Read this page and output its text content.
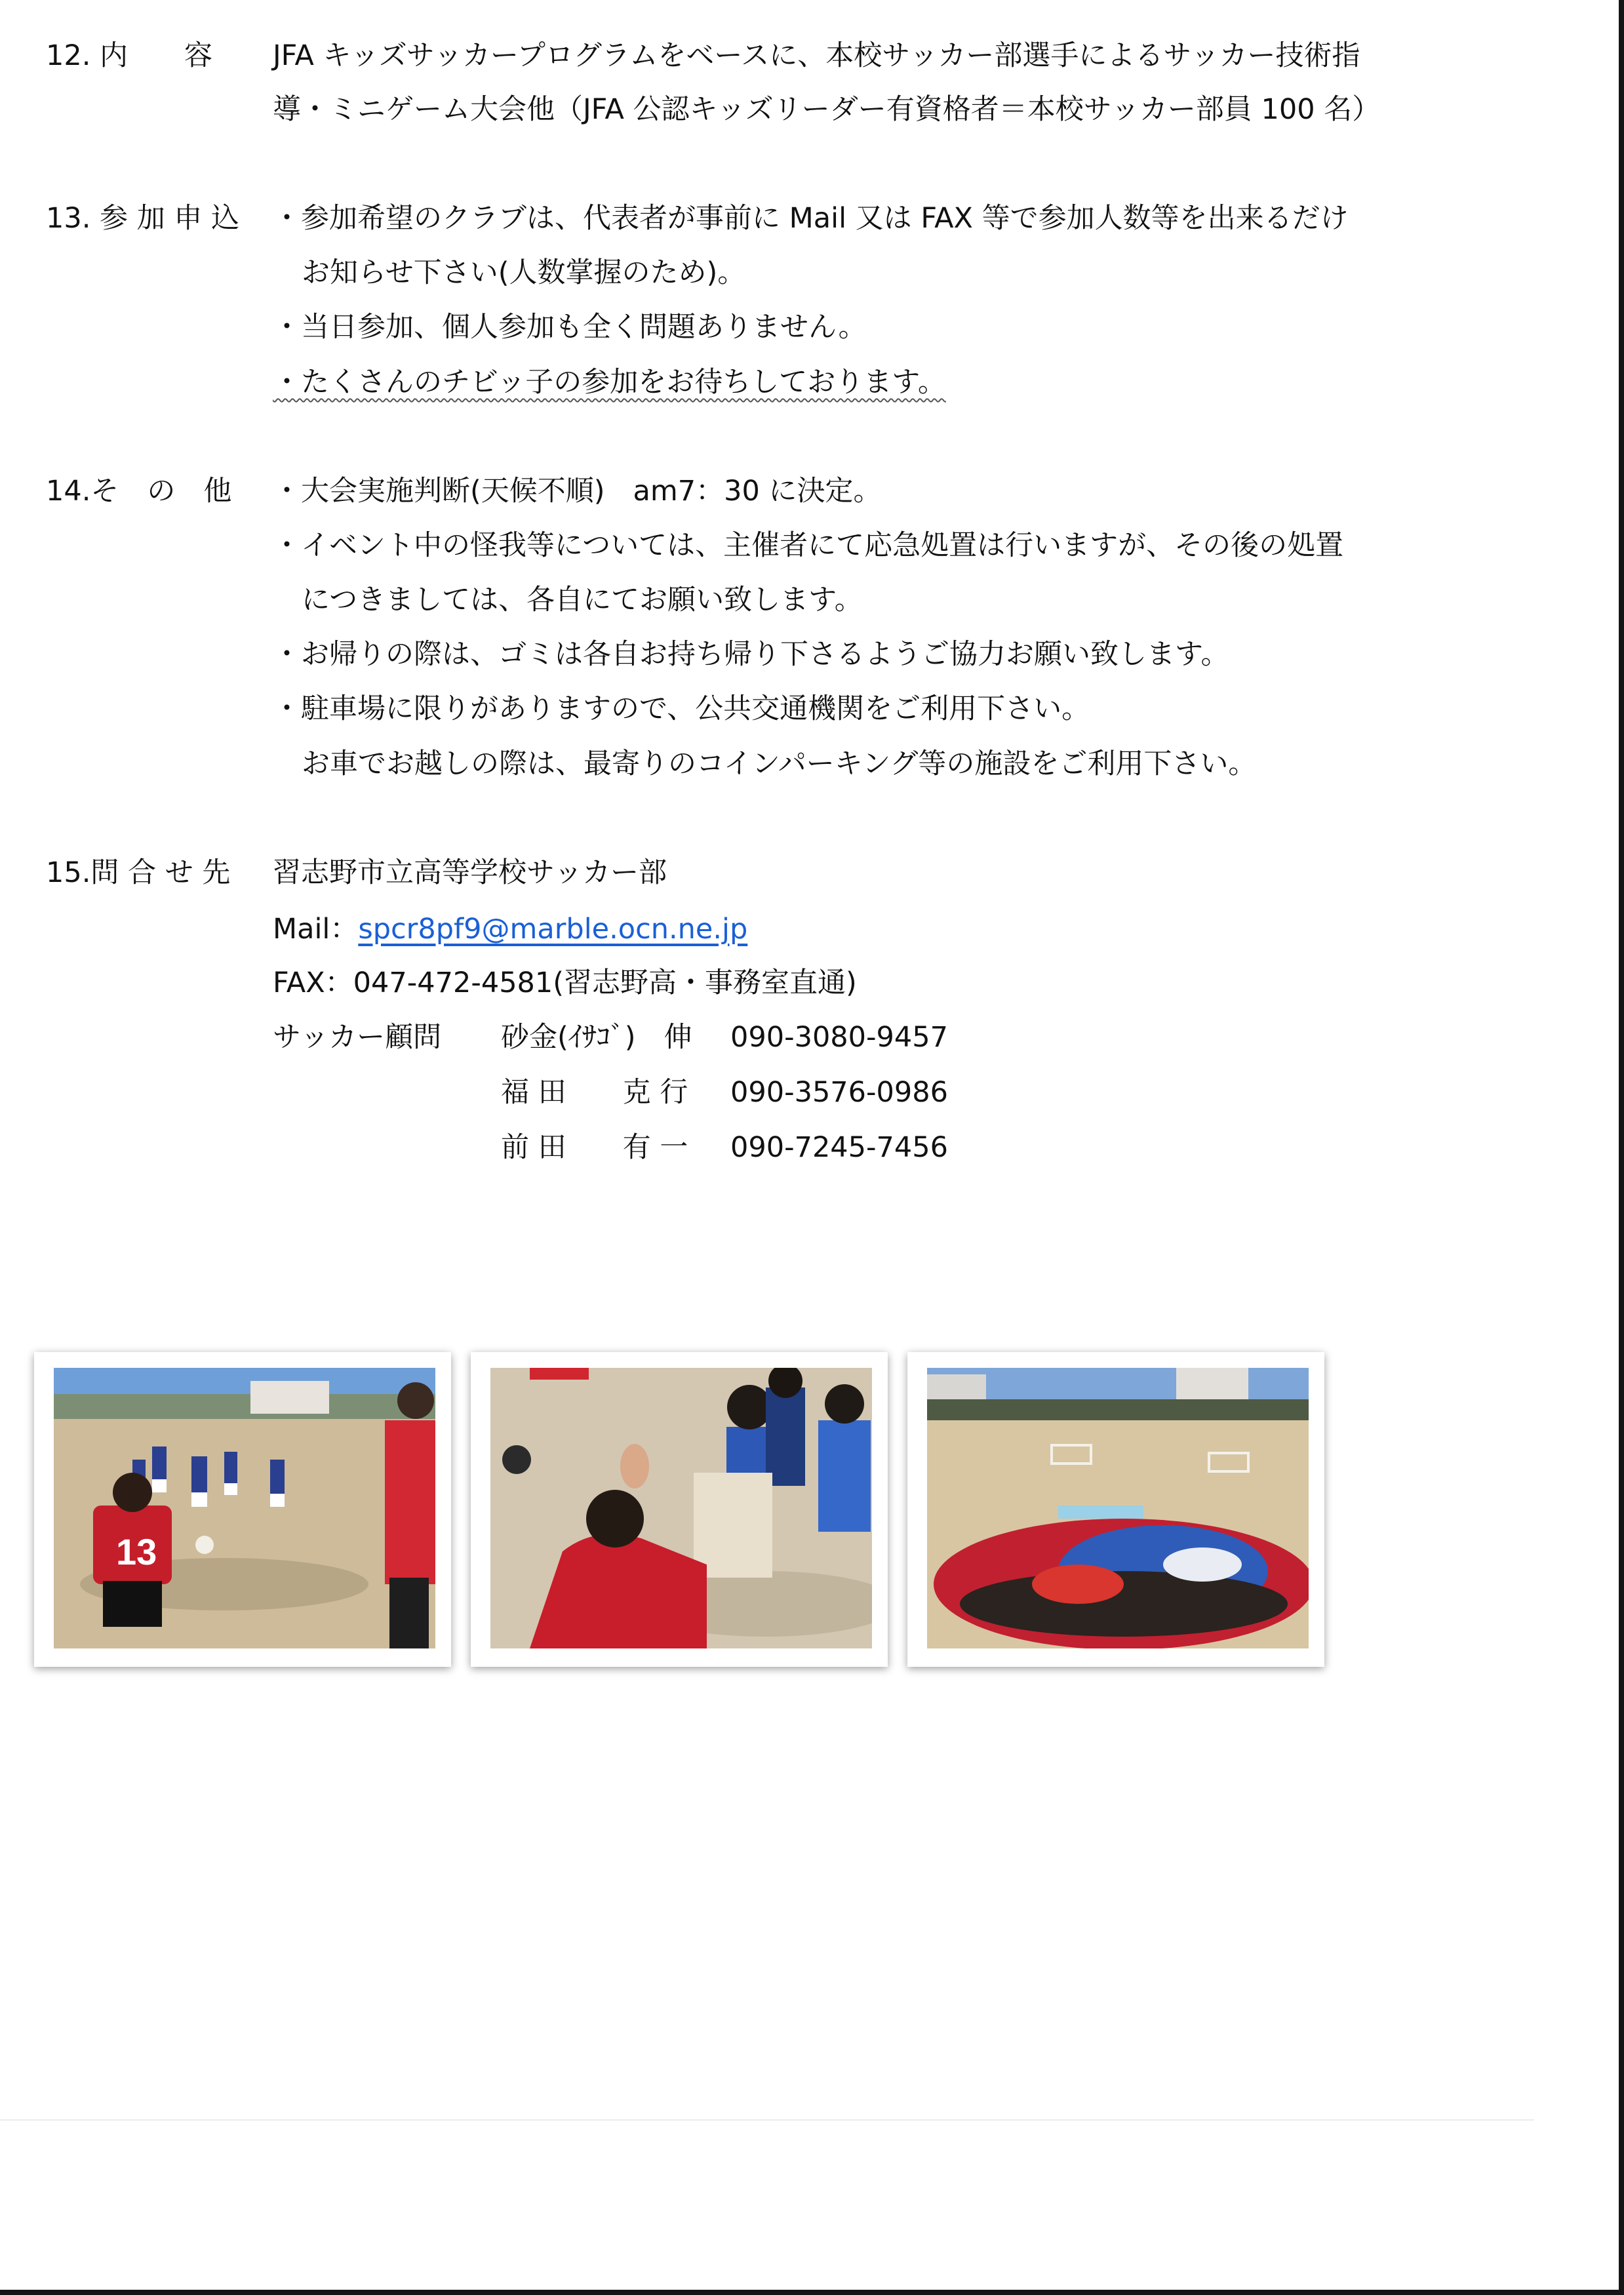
12. 内　　容 JFA キッズサッカープログラムをベースに、本校サッカー部選手によるサッカー技術指
導・ミニゲーム大会他（JFA 公認キッズリーダー有資格者＝本校サッカー部員 100 名）
13. 参 加 申 込 ・参加希望のクラブは、代表者が事前に Mail 又は FAX 等で参加人数等を出来るだけ
お知らせ下さい(人数掌握のため)。
・当日参加、個人参加も全く問題ありません。
・たくさんのチビッ子の参加をお待ちしております。
14.そ　の　他 ・大会実施判断(天候不順)　am7：30 に決定。
・イベント中の怪我等については、主催者にて応急処置は行いますが、その後の処置
につきましては、各自にてお願い致します。
・お帰りの際は、ゴミは各自お持ち帰り下さるようご協力お願い致します。
・駐車場に限りがありますので、公共交通機関をご利用下さい。
お車でお越しの際は、最寄りのコインパーキング等の施設をご利用下さい。
15.問 合 せ 先 習志野市立高等学校サッカー部
Mail：spcr8pf9@marble.ocn.ne.jp
FAX：047-472-4581(習志野高・事務室直通)
サッカー顧問 砂金(ｲｻｺﾞ)　伸 090-3080-9457
福 田　　克 行 090-3576-0986
前 田　　有 一 090-7245-7456
13
